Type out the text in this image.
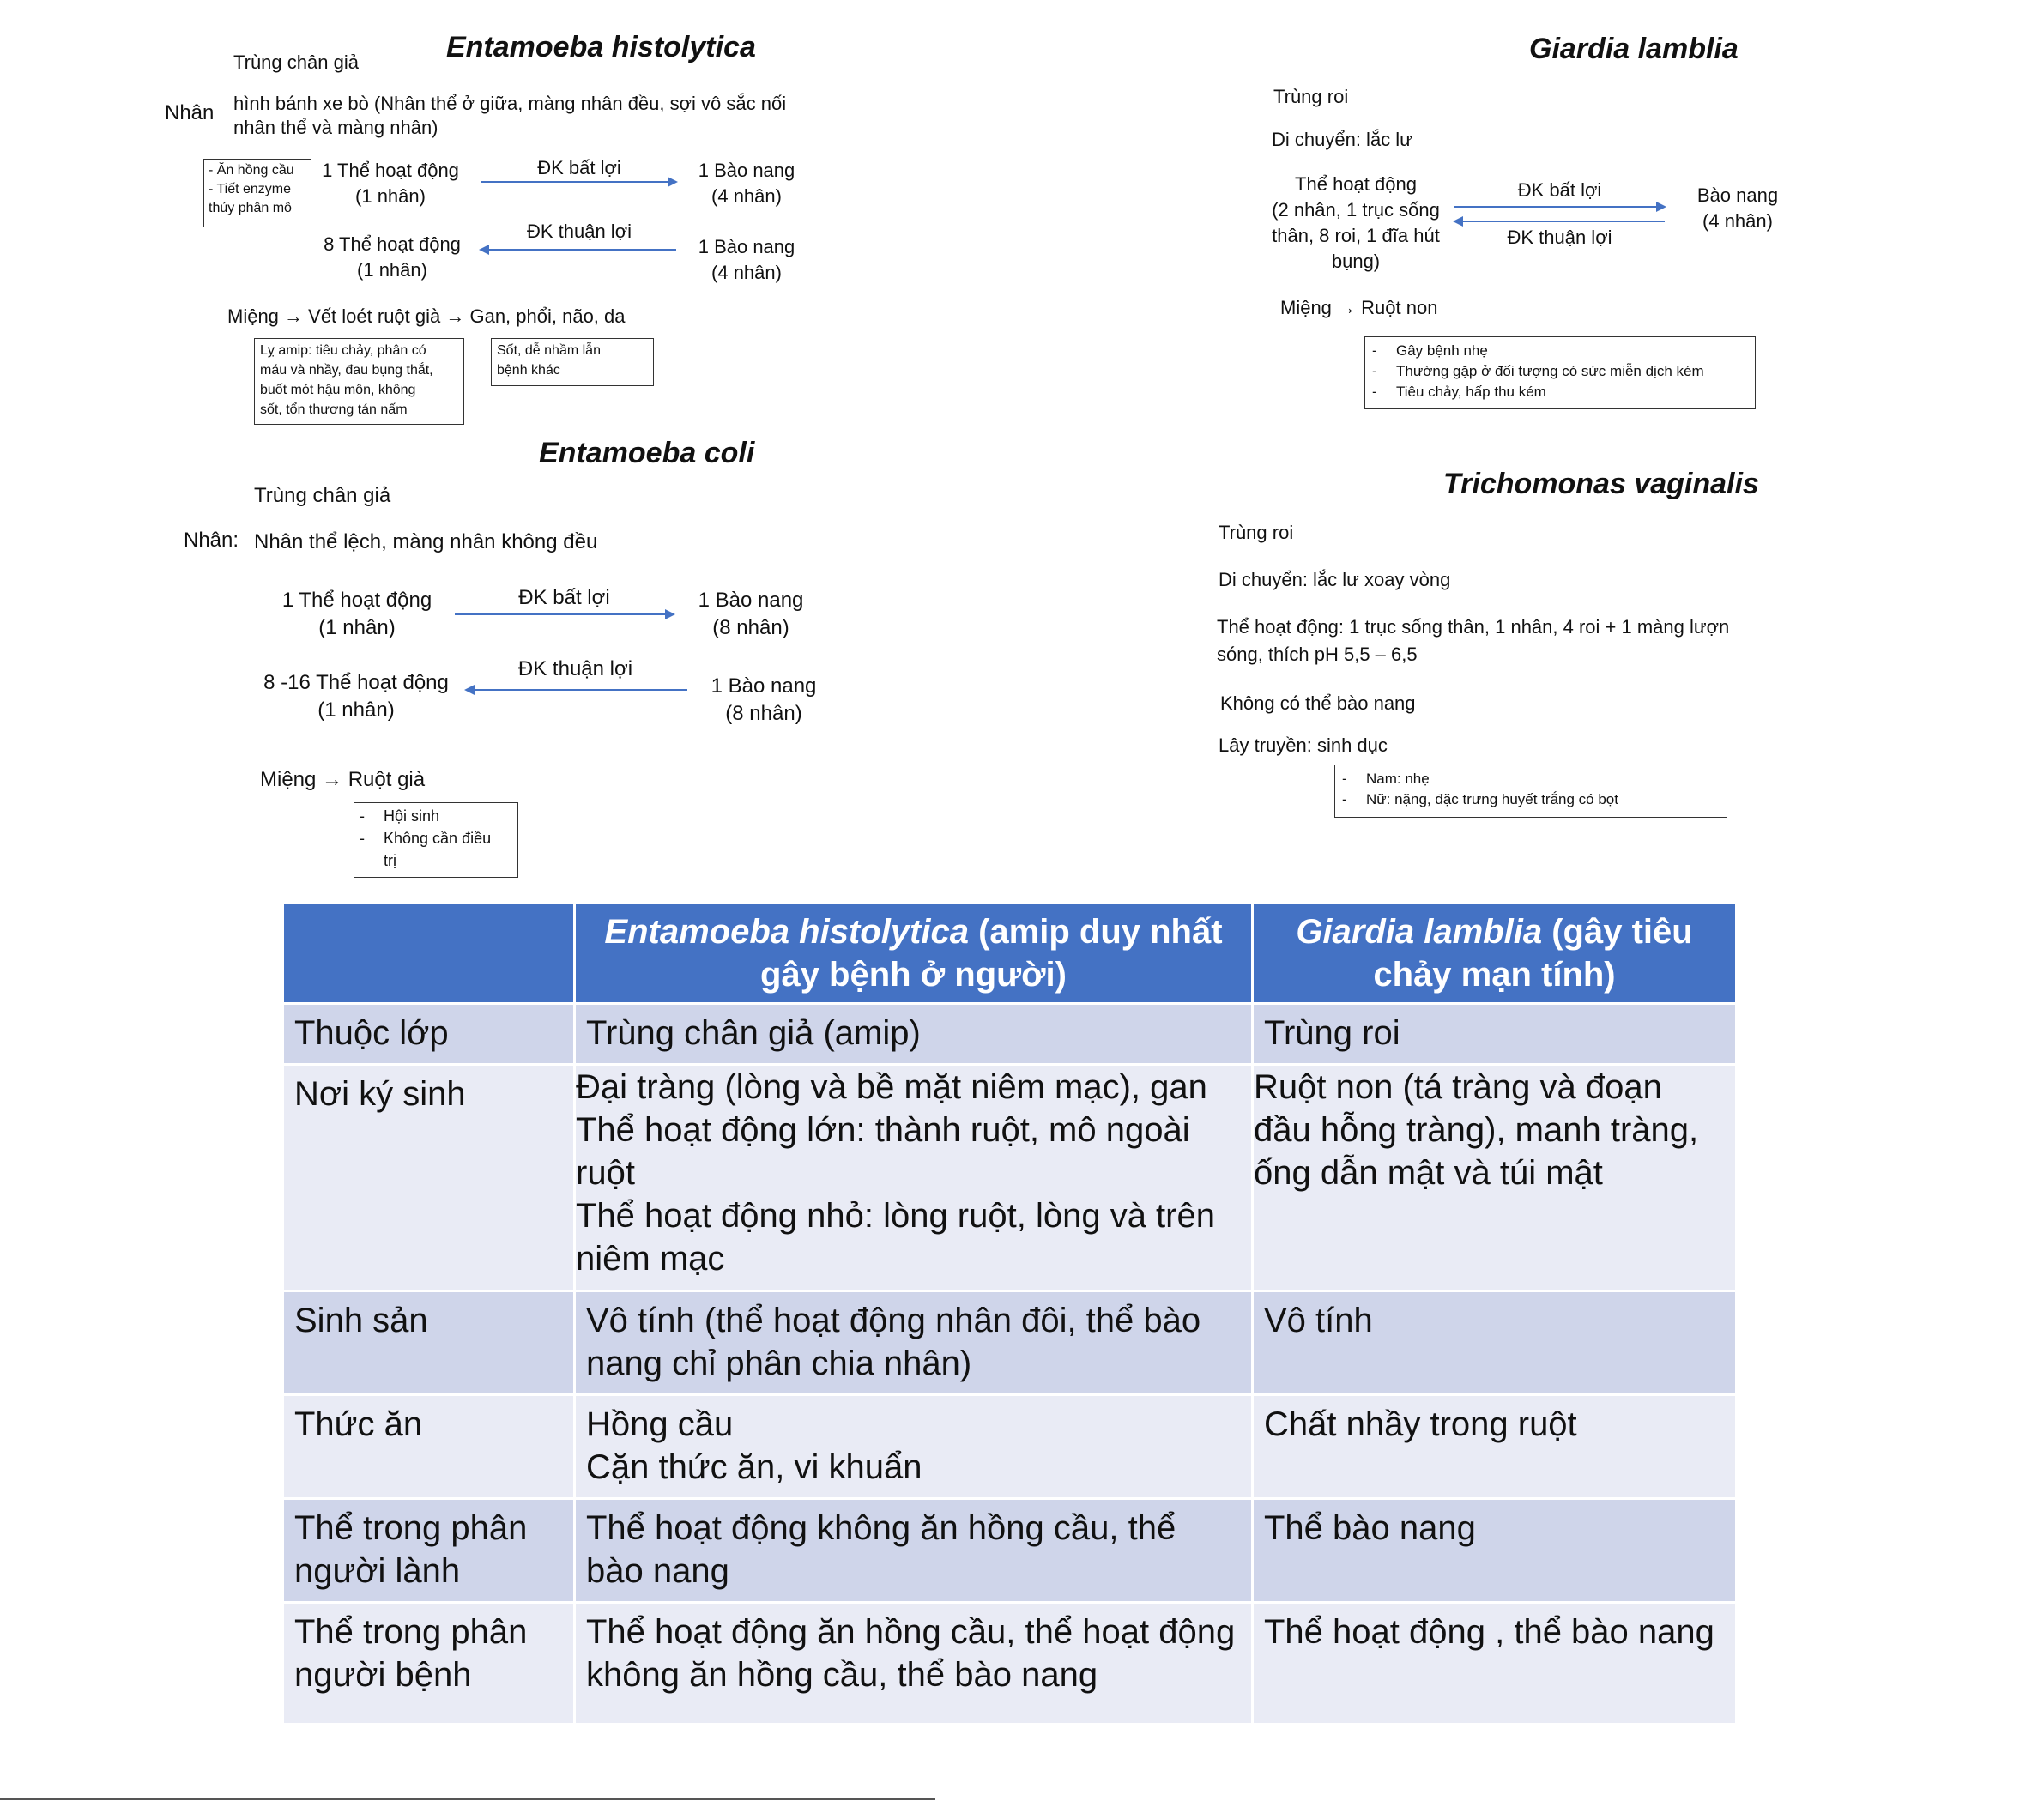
Trùng chân giả	Entamoeba histolytica
Nhân hình bánh xe bò (Nhân thể ở giữa, màng nhân đều, sợi vô sắc nối
nhân thể và màng nhân)
- Ăn hồng cầu
- Tiết enzyme
thủy phân mô
1 Thể hoạt động
(1 nhân)
ĐK bất lợi	1 Bào nang
(4 nhân)
8 Thể hoạt động
(1 nhân)
ĐK thuận lợi
1 Bào nang
(4 nhân)
Miệng → Vết loét ruột già → Gan, phổi, não, da
Lỵ amip: tiêu chảy, phân có
máu và nhầy, đau bụng thắt,
buốt mót hậu môn, không
sốt, tổn thương tán nấm
Sốt, dễ nhầm lẫn
bệnh khác
Entamoeba coli
Trùng chân giả
Nhân: Nhân thể lệch, màng nhân không đều
1 Thể hoạt động
(1 nhân)
ĐK bất lợi	1 Bào nang
(8 nhân)
8 -16 Thể hoạt động
(1 nhân)
ĐK thuận lợi
1 Bào nang
(8 nhân)
Miệng → Ruột già
- Hội sinh
- Không cần điều
trị
Giardia lamblia
Trùng roi
Di chuyển: lắc lư
Thể hoạt động
(2 nhân, 1 trục sống
thân, 8 roi, 1 đĩa hút
bụng)
ĐK bất lợi
ĐK thuận lợi
Bào nang
(4 nhân)
Miệng → Ruột non
- Gây bệnh nhẹ
- Thường gặp ở đối tượng có sức miễn dịch kém
- Tiêu chảy, hấp thu kém
Trichomonas vaginalis
Trùng roi
Di chuyển: lắc lư xoay vòng
Thể hoạt động: 1 trục sống thân, 1 nhân, 4 roi + 1 màng lượn
sóng, thích pH 5,5 – 6,5
Không có thể bào nang
Lây truyền: sinh dục
- Nam: nhẹ
- Nữ: nặng, đặc trưng huyết trắng có bọt
	Entamoeba histolytica (amip duy nhất gây bệnh ở người)	Giardia lamblia (gây tiêu chảy mạn tính)
Thuộc lớp	Trùng chân giả (amip)	Trùng roi

Nơi ký sinh	Đại tràng (lòng và bề mặt niêm mạc), gan
Thể hoạt động lớn: thành ruột, mô ngoài ruột
Thể hoạt động nhỏ: lòng ruột, lòng và trên niêm mạc	Ruột non (tá tràng và đoạn đầu hỗng tràng), manh tràng, ống dẫn mật và túi mật

Sinh sản	Vô tính (thể hoạt động nhân đôi, thể bào nang chỉ phân chia nhân)	Vô tính

Thức ăn	Hồng cầu
Cặn thức ăn, vi khuẩn	Chất nhầy trong ruột

Thể trong phân người lành	Thể hoạt động không ăn hồng cầu, thể bào nang	Thể bào nang

Thể trong phân người bệnh	Thể hoạt động ăn hồng cầu, thể hoạt động không ăn hồng cầu, thể bào nang	Thể hoạt động , thể bào nang
